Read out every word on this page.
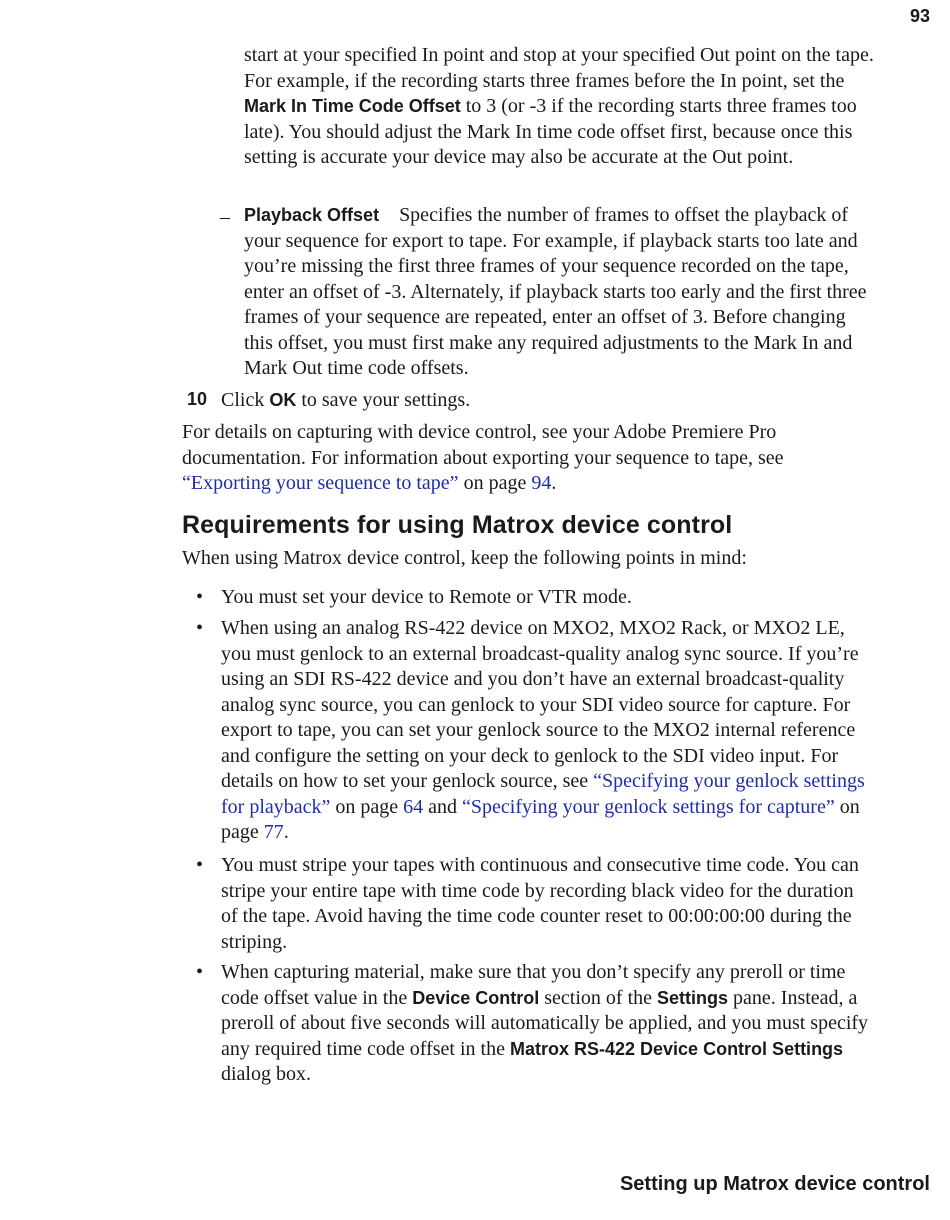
93

start at your specified In point and stop at your specified Out point on the tape. For example, if the recording starts three frames before the In point, set the Mark In Time Code Offset to 3 (or -3 if the recording starts three frames too late). You should adjust the Mark In time code offset first, because once this setting is accurate your device may also be accurate at the Out point.

– Playback Offset Specifies the number of frames to offset the playback of your sequence for export to tape. For example, if playback starts too late and you’re missing the first three frames of your sequence recorded on the tape, enter an offset of -3. Alternately, if playback starts too early and the first three frames of your sequence are repeated, enter an offset of 3. Before changing this offset, you must first make any required adjustments to the Mark In and Mark Out time code offsets.

10 Click OK to save your settings.

For details on capturing with device control, see your Adobe Premiere Pro documentation. For information about exporting your sequence to tape, see “Exporting your sequence to tape” on page 94.

Requirements for using Matrox device control

When using Matrox device control, keep the following points in mind:

• You must set your device to Remote or VTR mode.

• When using an analog RS-422 device on MXO2, MXO2 Rack, or MXO2 LE, you must genlock to an external broadcast-quality analog sync source. If you’re using an SDI RS-422 device and you don’t have an external broadcast-quality analog sync source, you can genlock to your SDI video source for capture. For export to tape, you can set your genlock source to the MXO2 internal reference and configure the setting on your deck to genlock to the SDI video input. For details on how to set your genlock source, see “Specifying your genlock settings for playback” on page 64 and “Specifying your genlock settings for capture” on page 77.

• You must stripe your tapes with continuous and consecutive time code. You can stripe your entire tape with time code by recording black video for the duration of the tape. Avoid having the time code counter reset to 00:00:00:00 during the striping.

• When capturing material, make sure that you don’t specify any preroll or time code offset value in the Device Control section of the Settings pane. Instead, a preroll of about five seconds will automatically be applied, and you must specify any required time code offset in the Matrox RS-422 Device Control Settings dialog box.

Setting up Matrox device control
